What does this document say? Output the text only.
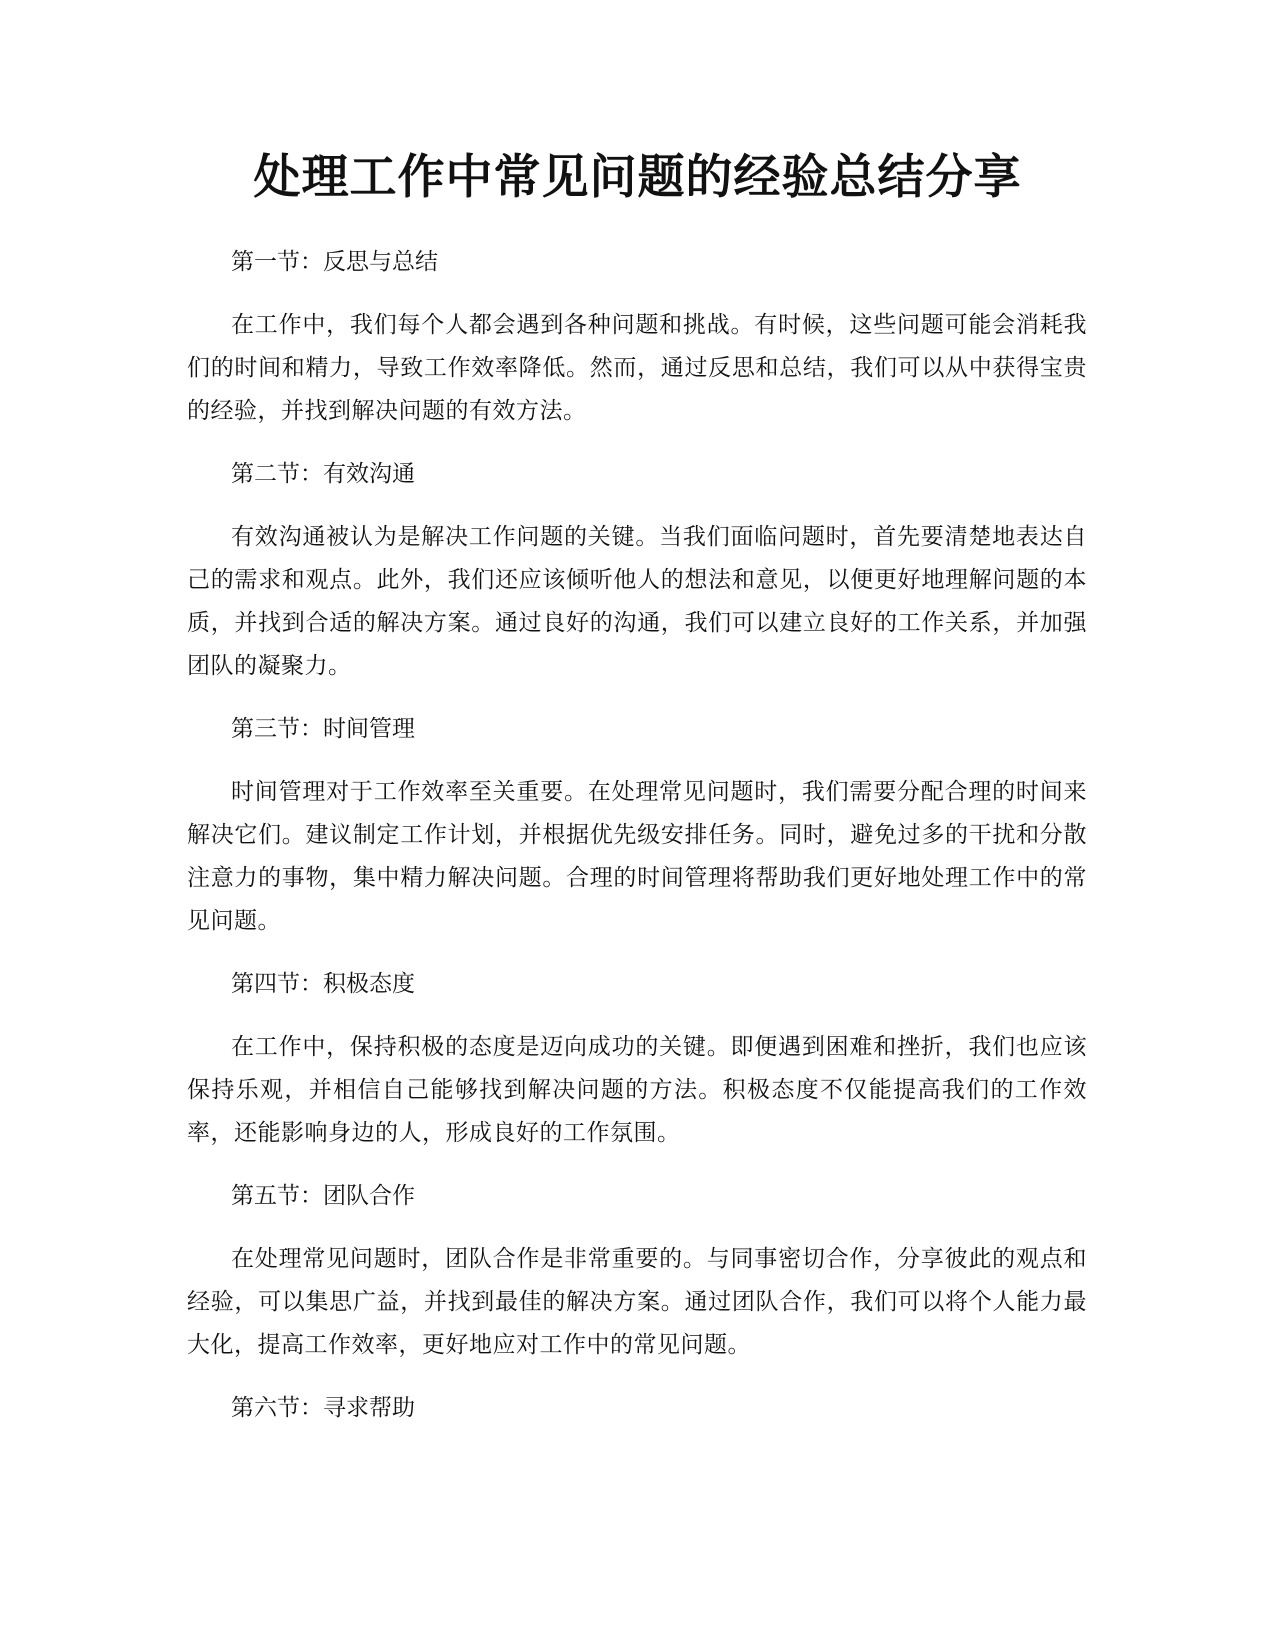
处理工作中常见问题的经验总结分享

第一节：反思与总结

在工作中，我们每个人都会遇到各种问题和挑战。有时候，这些问题可能会消耗我们的时间和精力，导致工作效率降低。然而，通过反思和总结，我们可以从中获得宝贵的经验，并找到解决问题的有效方法。

第二节：有效沟通

有效沟通被认为是解决工作问题的关键。当我们面临问题时，首先要清楚地表达自己的需求和观点。此外，我们还应该倾听他人的想法和意见，以便更好地理解问题的本质，并找到合适的解决方案。通过良好的沟通，我们可以建立良好的工作关系，并加强团队的凝聚力。

第三节：时间管理

时间管理对于工作效率至关重要。在处理常见问题时，我们需要分配合理的时间来解决它们。建议制定工作计划，并根据优先级安排任务。同时，避免过多的干扰和分散注意力的事物，集中精力解决问题。合理的时间管理将帮助我们更好地处理工作中的常见问题。

第四节：积极态度

在工作中，保持积极的态度是迈向成功的关键。即便遇到困难和挫折，我们也应该保持乐观，并相信自己能够找到解决问题的方法。积极态度不仅能提高我们的工作效率，还能影响身边的人，形成良好的工作氛围。

第五节：团队合作

在处理常见问题时，团队合作是非常重要的。与同事密切合作，分享彼此的观点和经验，可以集思广益，并找到最佳的解决方案。通过团队合作，我们可以将个人能力最大化，提高工作效率，更好地应对工作中的常见问题。

第六节：寻求帮助
